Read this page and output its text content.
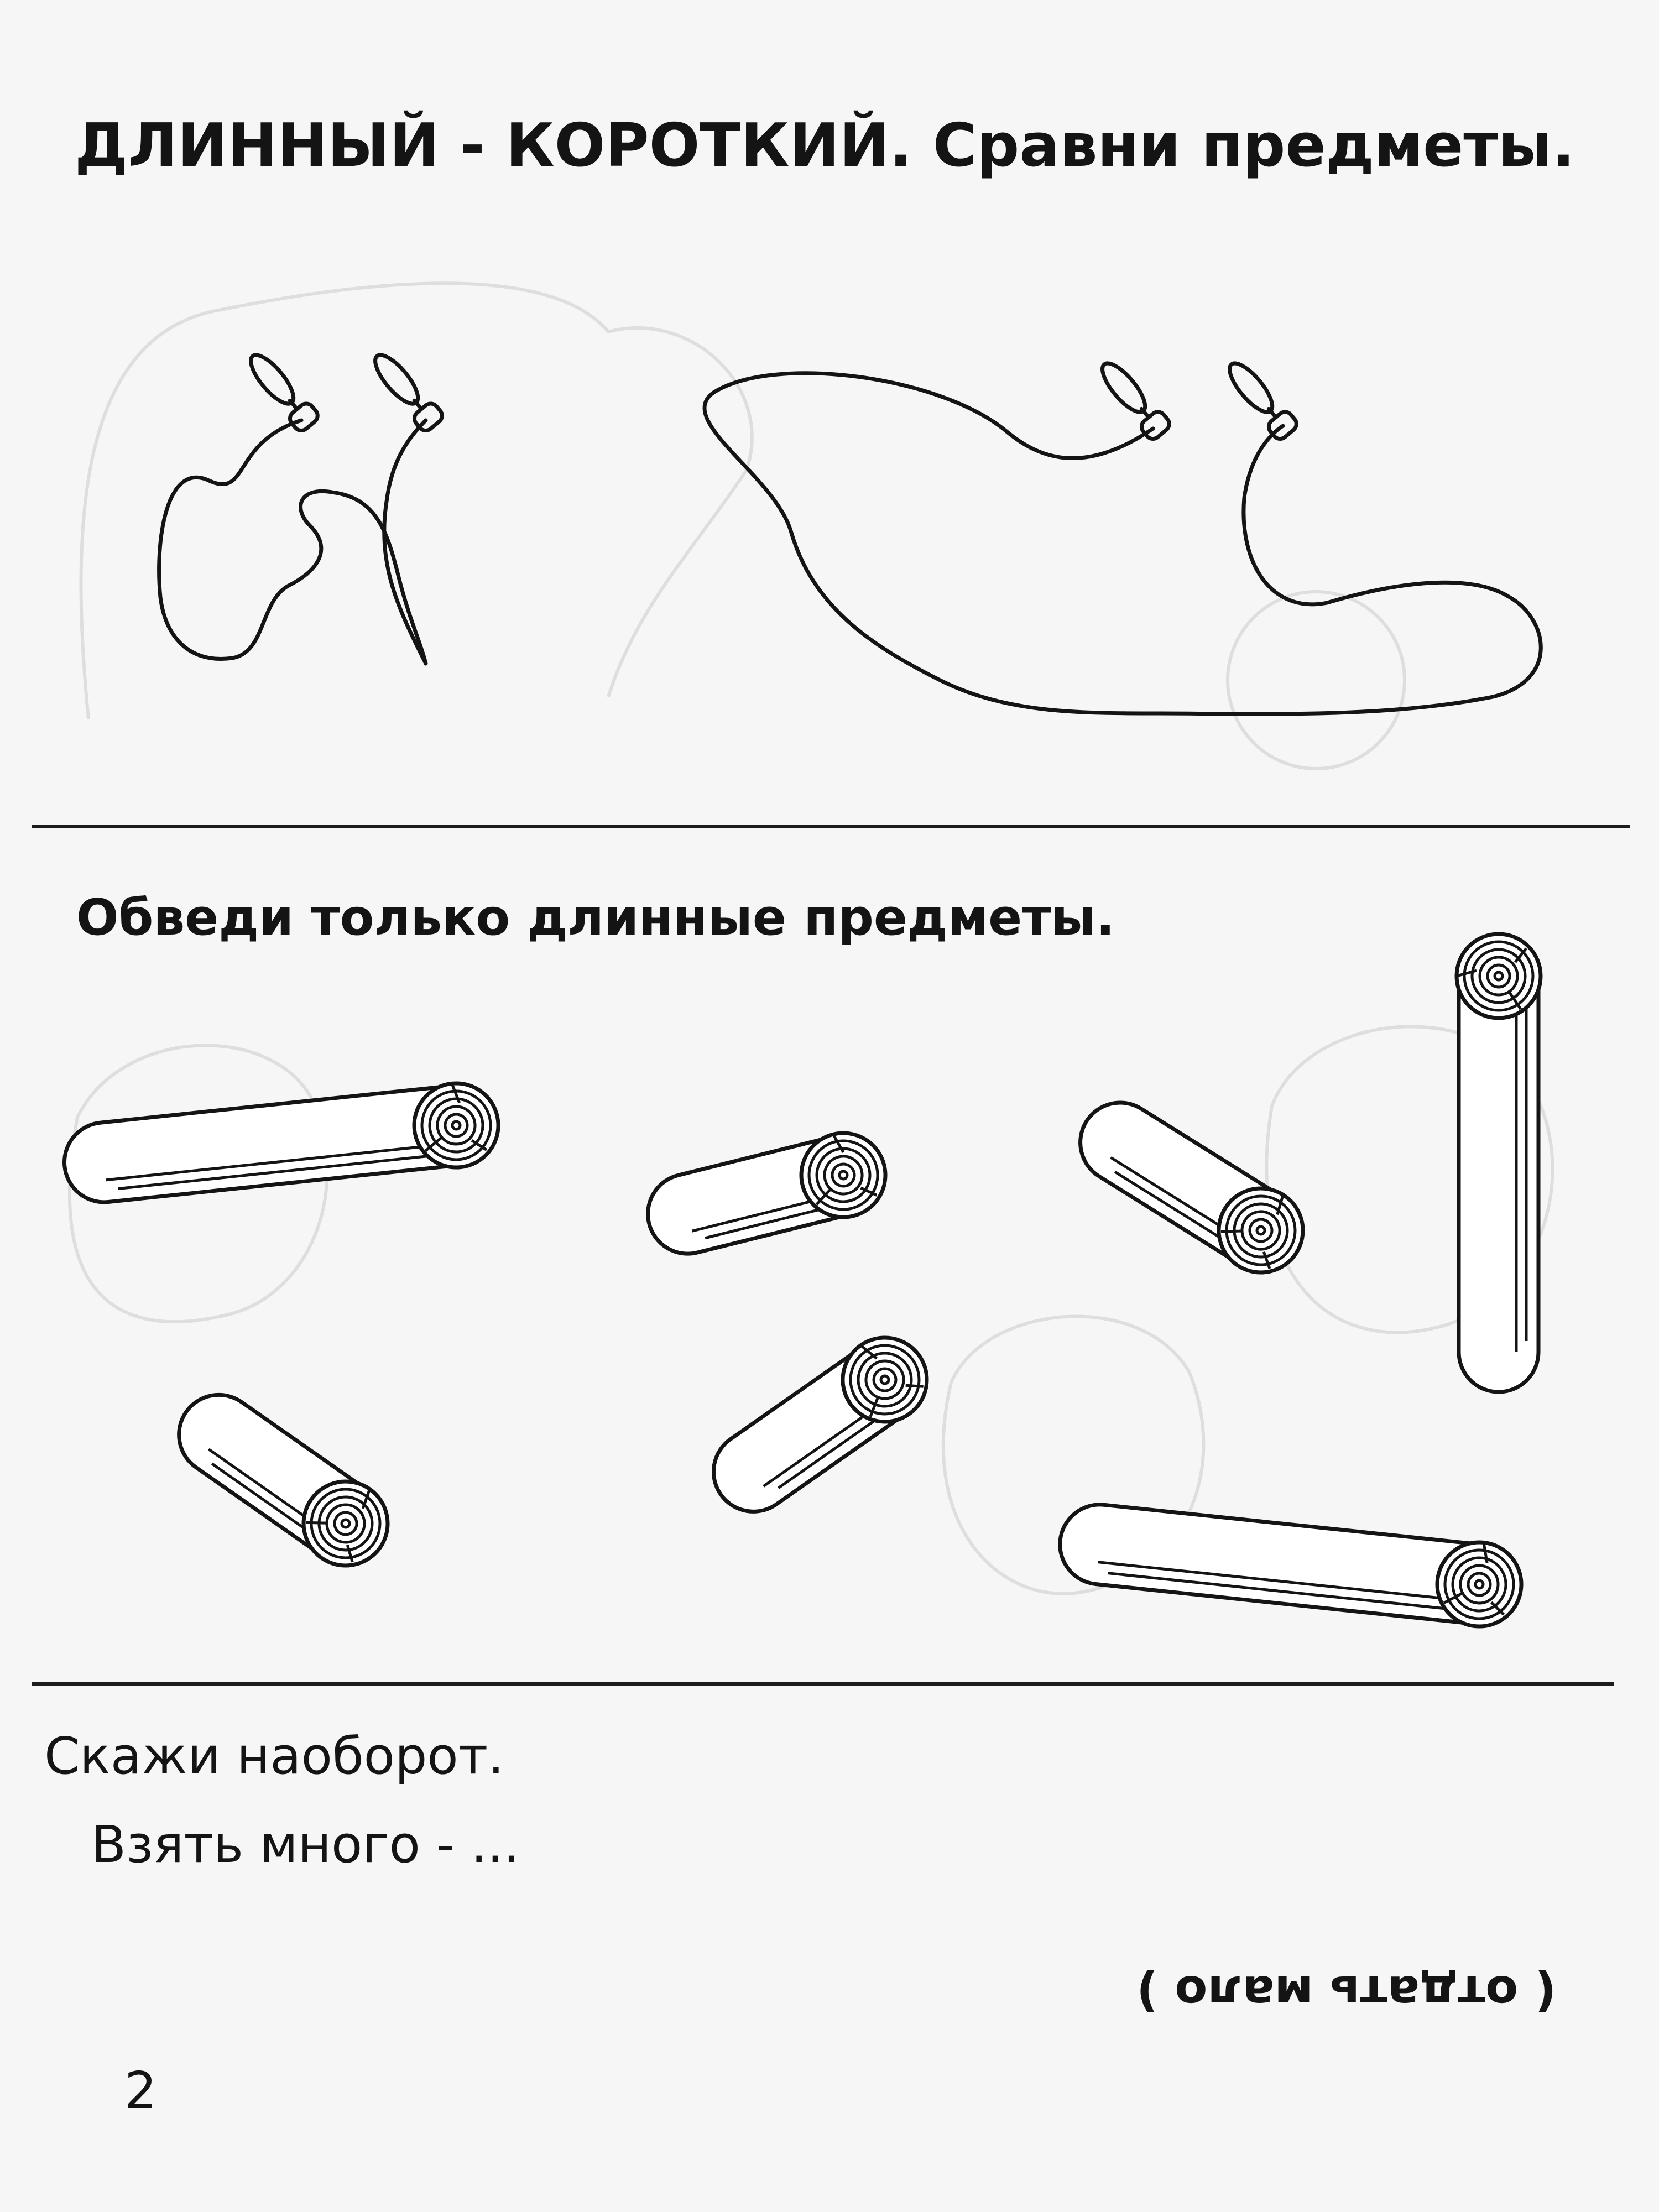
ДЛИННЫЙ - КОРОТКИЙ. Сравни предметы.
Обведи только длинные предметы.
Скажи наоборот.
Взять много - ...
( отдать мало )
2
